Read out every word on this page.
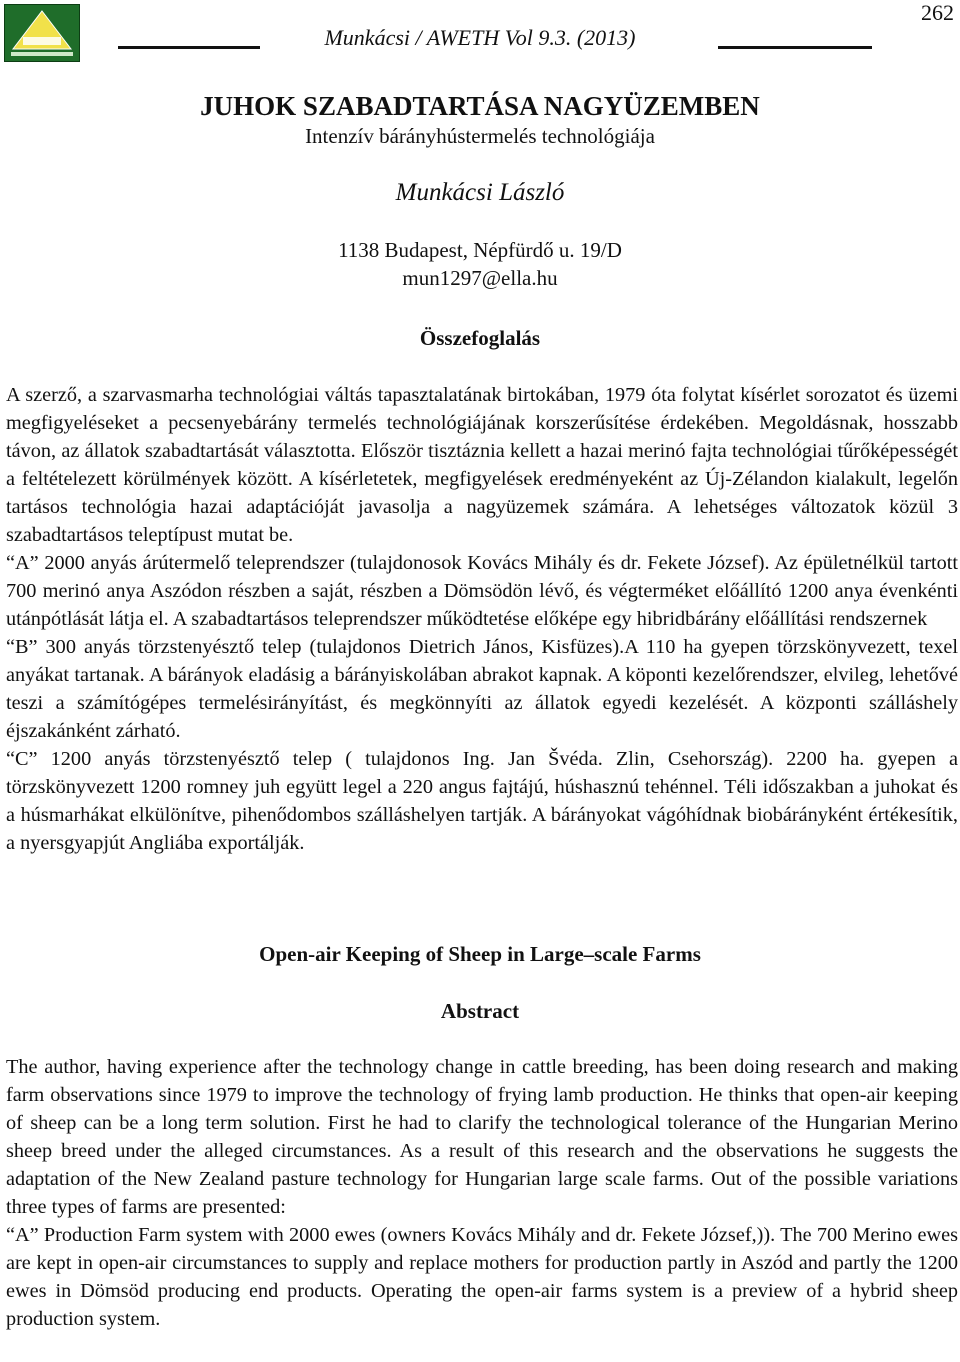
Munkácsi / AWETH Vol 9.3. (2013)
262
JUHOK SZABADTARTÁSA NAGYÜZEMBEN
Intenzív bárányhústermelés technológiája
Munkácsi László
1138 Budapest, Népfürdő u. 19/D
mun1297@ella.hu
Összefoglalás

A szerző, a szarvasmarha technológiai váltás tapasztalatának birtokában, 1979 óta folytat kísérlet sorozatot és üzemi megfigyeléseket a pecsenyebárány termelés technológiájának korszerűsítése érdekében. Megoldásnak, hosszabb távon, az állatok szabadtartását választotta. Először tisztáznia kellett a hazai merinó fajta technológiai tűrőképességét a feltételezett körülmények között. A kísérletetek, megfigyelések eredményeként az Új-Zélandon kialakult, legelőn tartásos technológia hazai adaptációját javasolja a nagyüzemek számára. A lehetséges változatok közül 3 szabadtartásos teleptípust mutat be.

“A” 2000 anyás árútermelő teleprendszer (tulajdonosok Kovács Mihály és dr. Fekete József). Az épületnélkül tartott 700 merinó anya Aszódon részben a saját, részben a Dömsödön lévő, és végterméket előállító 1200 anya évenkénti utánpótlását látja el. A szabadtartásos teleprendszer működtetése előképe egy hibridbárány előállítási rendszernek

“B” 300 anyás törzstenyésztő telep (tulajdonos Dietrich János, Kisfüzes).A 110 ha gyepen törzskönyvezett, texel anyákat tartanak. A bárányok eladásig a bárányiskolában abrakot kapnak. A köponti kezelőrendszer, elvileg, lehetővé teszi a számítógépes termelésirányítást, és megkönnyíti az állatok egyedi kezelését. A központi szálláshely éjszakánként zárható.

“C” 1200 anyás törzstenyésztő telep ( tulajdonos Ing. Jan Švéda. Zlin, Csehország). 2200 ha. gyepen a törzskönyvezett 1200 romney juh együtt legel a 220 angus fajtájú, húshasznú tehénnel. Téli időszakban a juhokat és a húsmarhákat elkülönítve, pihenődombos szálláshelyen tartják. A bárányokat vágóhídnak biobárányként értékesítik, a nyersgyapjút Angliába exportálják.

Open-air Keeping of Sheep in Large–scale Farms
Abstract

The author, having experience after the technology change in cattle breeding, has been doing research and making farm observations since 1979 to improve the technology of frying lamb production. He thinks that open-air keeping of sheep can be a long term solution. First he had to clarify the technological tolerance of the Hungarian Merino sheep breed under the alleged circumstances. As a result of this research and the observations he suggests the adaptation of the New Zealand pasture technology for Hungarian large scale farms. Out of the possible variations three types of farms are presented:

“A” Production Farm system with 2000 ewes (owners Kovács Mihály and dr. Fekete József,)). The 700 Merino ewes are kept in open-air circumstances to supply and replace mothers for production partly in Aszód and partly the 1200 ewes in Dömsöd producing end products. Operating the open-air farms system is a preview of a hybrid sheep production system.
